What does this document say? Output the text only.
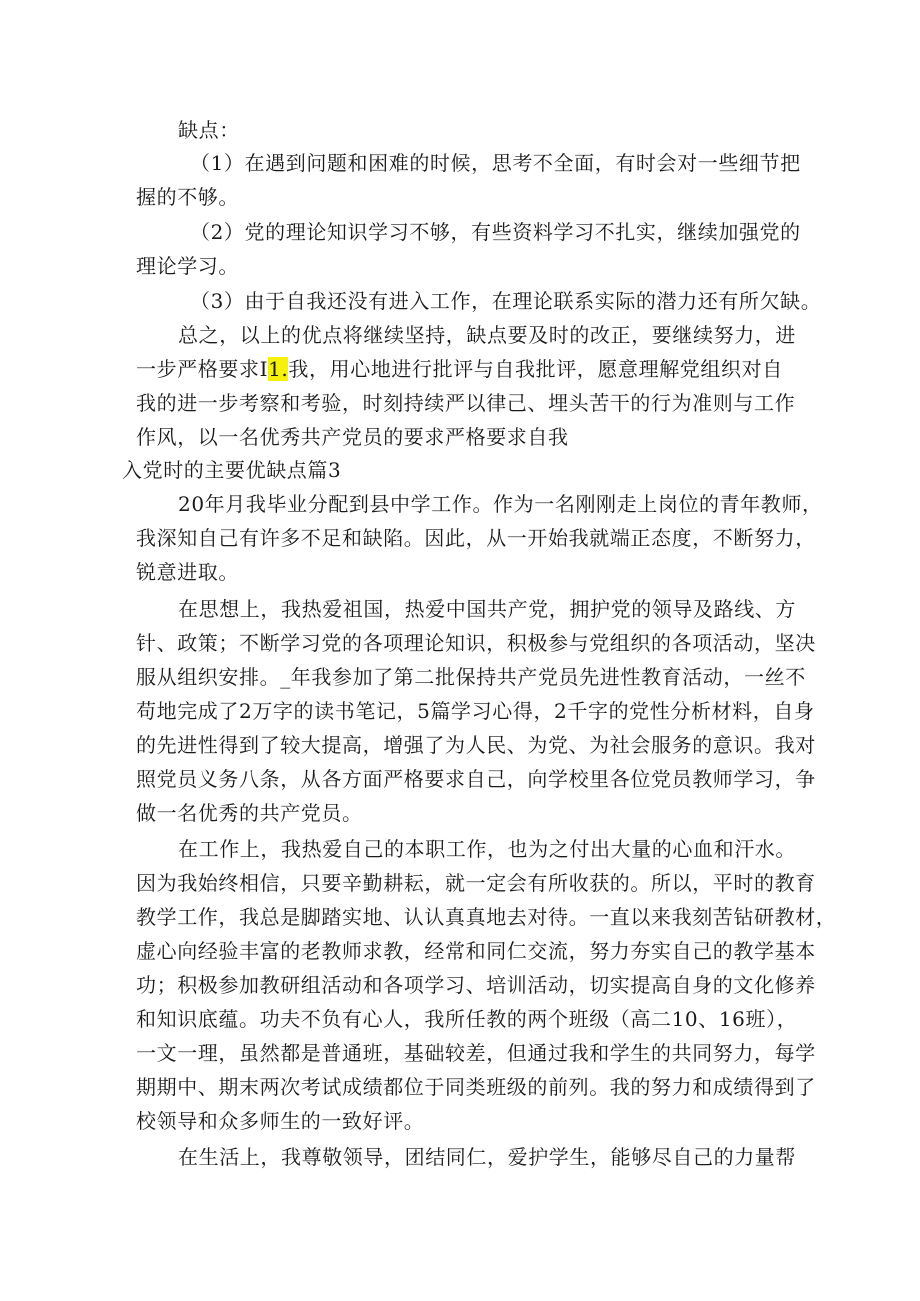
缺点：
（1）在遇到问题和困难的时候，思考不全面，有时会对一些细节把
握的不够。
（2）党的理论知识学习不够，有些资料学习不扎实，继续加强党的
理论学习。
（3）由于自我还没有进入工作，在理论联系实际的潜力还有所欠缺。
总之，以上的优点将继续坚持，缺点要及时的改正，要继续努力，进
一步严格要求I1.我，用心地进行批评与自我批评，愿意理解党组织对自
我的进一步考察和考验，时刻持续严以律己、埋头苦干的行为准则与工作
作风，以一名优秀共产党员的要求严格要求自我
入党时的主要优缺点篇3
20年月我毕业分配到县中学工作。作为一名刚刚走上岗位的青年教师，
我深知自己有许多不足和缺陷。因此，从一开始我就端正态度，不断努力，
锐意进取。
在思想上，我热爱祖国，热爱中国共产党，拥护党的领导及路线、方
针、政策；不断学习党的各项理论知识，积极参与党组织的各项活动，坚决
服从组织安排。_年我参加了第二批保持共产党员先进性教育活动，一丝不
苟地完成了2万字的读书笔记，5篇学习心得，2千字的党性分析材料，自身
的先进性得到了较大提高，增强了为人民、为党、为社会服务的意识。我对
照党员义务八条，从各方面严格要求自己，向学校里各位党员教师学习，争
做一名优秀的共产党员。
在工作上，我热爱自己的本职工作，也为之付出大量的心血和汗水。
因为我始终相信，只要辛勤耕耘，就一定会有所收获的。所以，平时的教育
教学工作，我总是脚踏实地、认认真真地去对待。一直以来我刻苦钻研教材，
虚心向经验丰富的老教师求教，经常和同仁交流，努力夯实自己的教学基本
功；积极参加教研组活动和各项学习、培训活动，切实提高自身的文化修养
和知识底蕴。功夫不负有心人，我所任教的两个班级（高二10、16班），
一文一理，虽然都是普通班，基础较差，但通过我和学生的共同努力，每学
期期中、期末两次考试成绩都位于同类班级的前列。我的努力和成绩得到了
校领导和众多师生的一致好评。
在生活上，我尊敬领导，团结同仁，爱护学生，能够尽自己的力量帮
